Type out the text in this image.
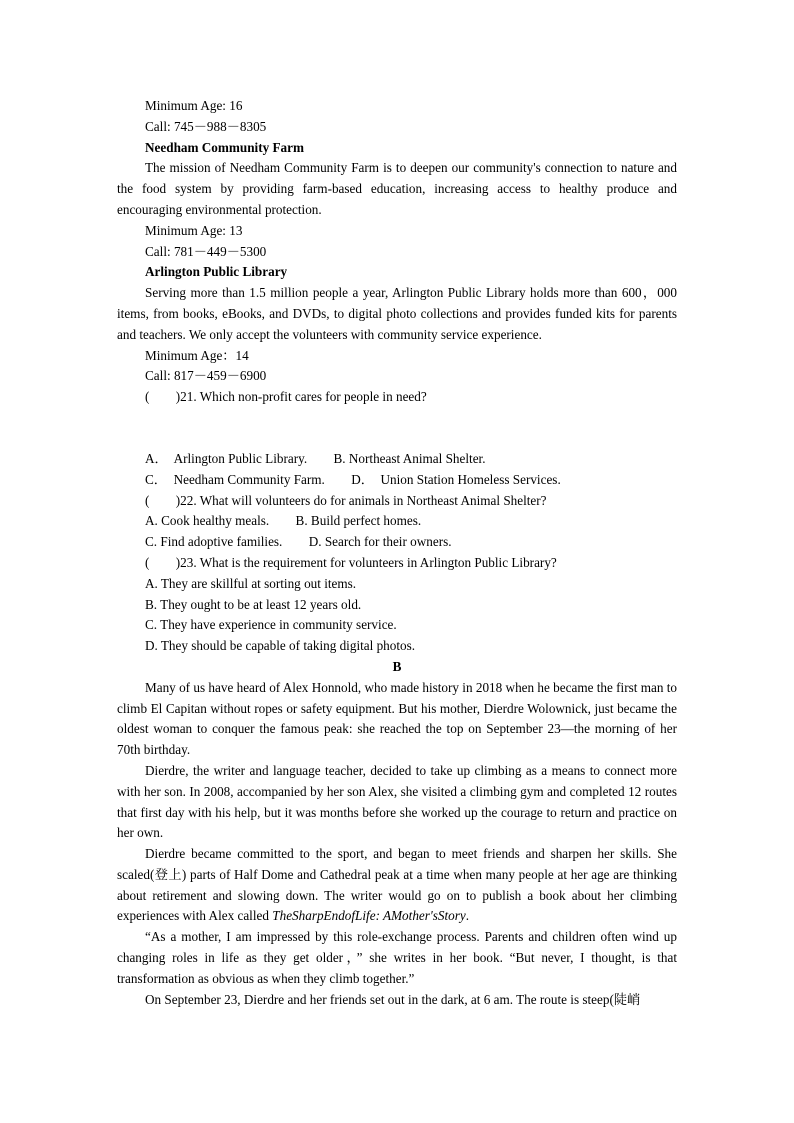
Minimum Age: 16

Call: 745－988－8305

Needham Community Farm

The mission of Needham Community Farm is to deepen our community's connection to nature and the food system by providing farm-based education, increasing access to healthy produce and encouraging environmental protection.

Minimum Age: 13

Call: 781－449－5300

Arlington Public Library

Serving more than 1.5 million people a year, Arlington Public Library holds more than 600，000 items, from books, eBooks, and DVDs, to digital photo collections and provides funded kits for parents and teachers. We only accept the volunteers with community service experience.

Minimum Age：14

Call: 817－459－6900

(　　)21. Which non-profit cares for people in need?

A．  Arlington Public Library.        B. Northeast Animal Shelter.

C．  Needham Community Farm.        D．  Union Station Homeless Services.

(　　)22. What will volunteers do for animals in Northeast Animal Shelter?

A. Cook healthy meals.        B. Build perfect homes.

C. Find adoptive families.        D. Search for their owners.

(　　)23. What is the requirement for volunteers in Arlington Public Library?

A. They are skillful at sorting out items.

B. They ought to be at least 12 years old.

C. They have experience in community service.

D. They should be capable of taking digital photos.

B

Many of us have heard of Alex Honnold, who made history in 2018 when he became the first man to climb El Capitan without ropes or safety equipment. But his mother, Dierdre Wolownick, just became the oldest woman to conquer the famous peak: she reached the top on September 23—the morning of her 70th birthday.

Dierdre, the writer and language teacher, decided to take up climbing as a means to connect more with her son. In 2008, accompanied by her son Alex, she visited a climbing gym and completed 12 routes that first day with his help, but it was months before she worked up the courage to return and practice on her own.

Dierdre became committed to the sport, and began to meet friends and sharpen her skills. She scaled(登上) parts of Half Dome and Cathedral peak at a time when many people at her age are thinking about retirement and slowing down. The writer would go on to publish a book about her climbing experiences with Alex called TheSharpEndofLife: AMother'sStory.

“As a mother, I am impressed by this role-exchange process. Parents and children often wind up changing roles in life as they get older，” she writes in her book. “But never, I thought, is that transformation as obvious as when they climb together.”

On September 23, Dierdre and her friends set out in the dark, at 6 am. The route is steep(陡峭
